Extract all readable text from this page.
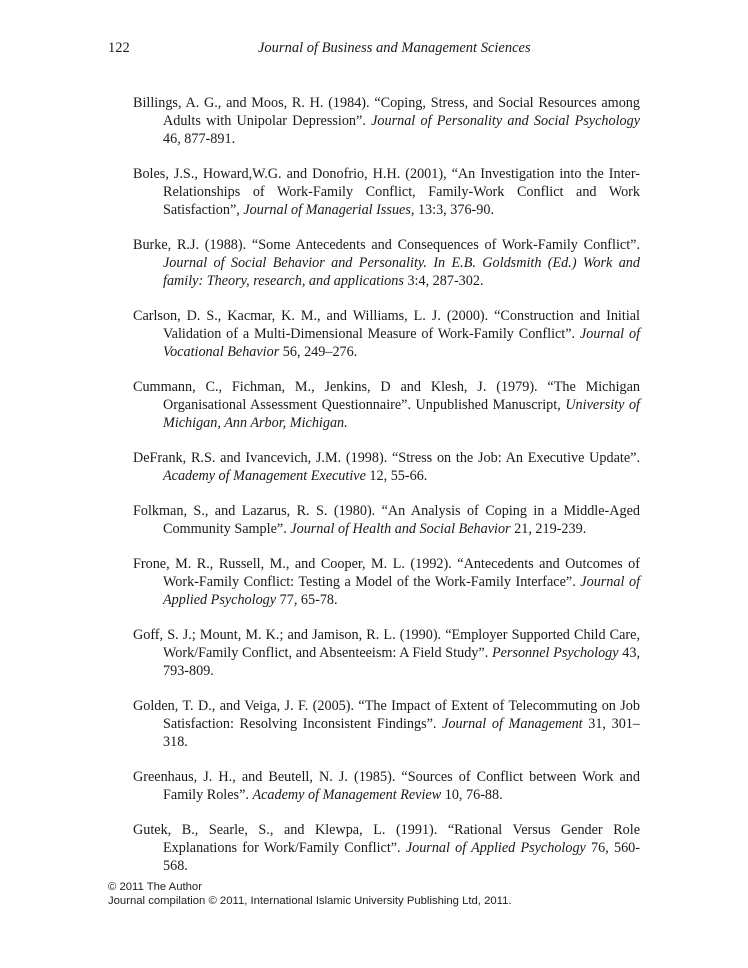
122	Journal of Business and Management Sciences

Billings, A. G., and Moos, R. H. (1984). “Coping, Stress, and Social Resources among Adults with Unipolar Depression”. Journal of Personality and Social Psychology 46, 877-891.

Boles, J.S., Howard,W.G. and Donofrio, H.H. (2001), “An Investigation into the Inter-Relationships of Work-Family Conflict, Family-Work Conflict and Work Satisfaction”, Journal of Managerial Issues, 13:3, 376-90.

Burke, R.J. (1988). “Some Antecedents and Consequences of Work-Family Conflict”. Journal of Social Behavior and Personality. In E.B. Goldsmith (Ed.) Work and family: Theory, research, and applications 3:4, 287-302.

Carlson, D. S., Kacmar, K. M., and Williams, L. J. (2000). “Construction and Initial Validation of a Multi-Dimensional Measure of Work-Family Conflict”. Journal of Vocational Behavior 56, 249–276.

Cummann, C., Fichman, M., Jenkins, D and Klesh, J. (1979). “The Michigan Organisational Assessment Questionnaire”. Unpublished Manuscript, University of Michigan, Ann Arbor, Michigan.

DeFrank, R.S. and Ivancevich, J.M. (1998). “Stress on the Job: An Executive Update”. Academy of Management Executive 12, 55-66.

Folkman, S., and Lazarus, R. S. (1980). “An Analysis of Coping in a Middle-Aged Community Sample”. Journal of Health and Social Behavior 21, 219-239.

Frone, M. R., Russell, M., and Cooper, M. L. (1992). “Antecedents and Outcomes of Work-Family Conflict: Testing a Model of the Work-Family Interface”. Journal of Applied Psychology 77, 65-78.

Goff, S. J.; Mount, M. K.; and Jamison, R. L. (1990). “Employer Supported Child Care, Work/Family Conflict, and Absenteeism: A Field Study”. Personnel Psychology 43, 793-809.

Golden, T. D., and Veiga, J. F. (2005). “The Impact of Extent of Telecommuting on Job Satisfaction: Resolving Inconsistent Findings”. Journal of Management 31, 301–318.

Greenhaus, J. H., and Beutell, N. J. (1985). “Sources of Conflict between Work and Family Roles”. Academy of Management Review 10, 76-88.

Gutek, B., Searle, S., and Klewpa, L. (1991). “Rational Versus Gender Role Explanations for Work/Family Conflict”. Journal of Applied Psychology 76, 560-568.

© 2011 The Author
Journal compilation © 2011, International Islamic University Publishing Ltd, 2011.
